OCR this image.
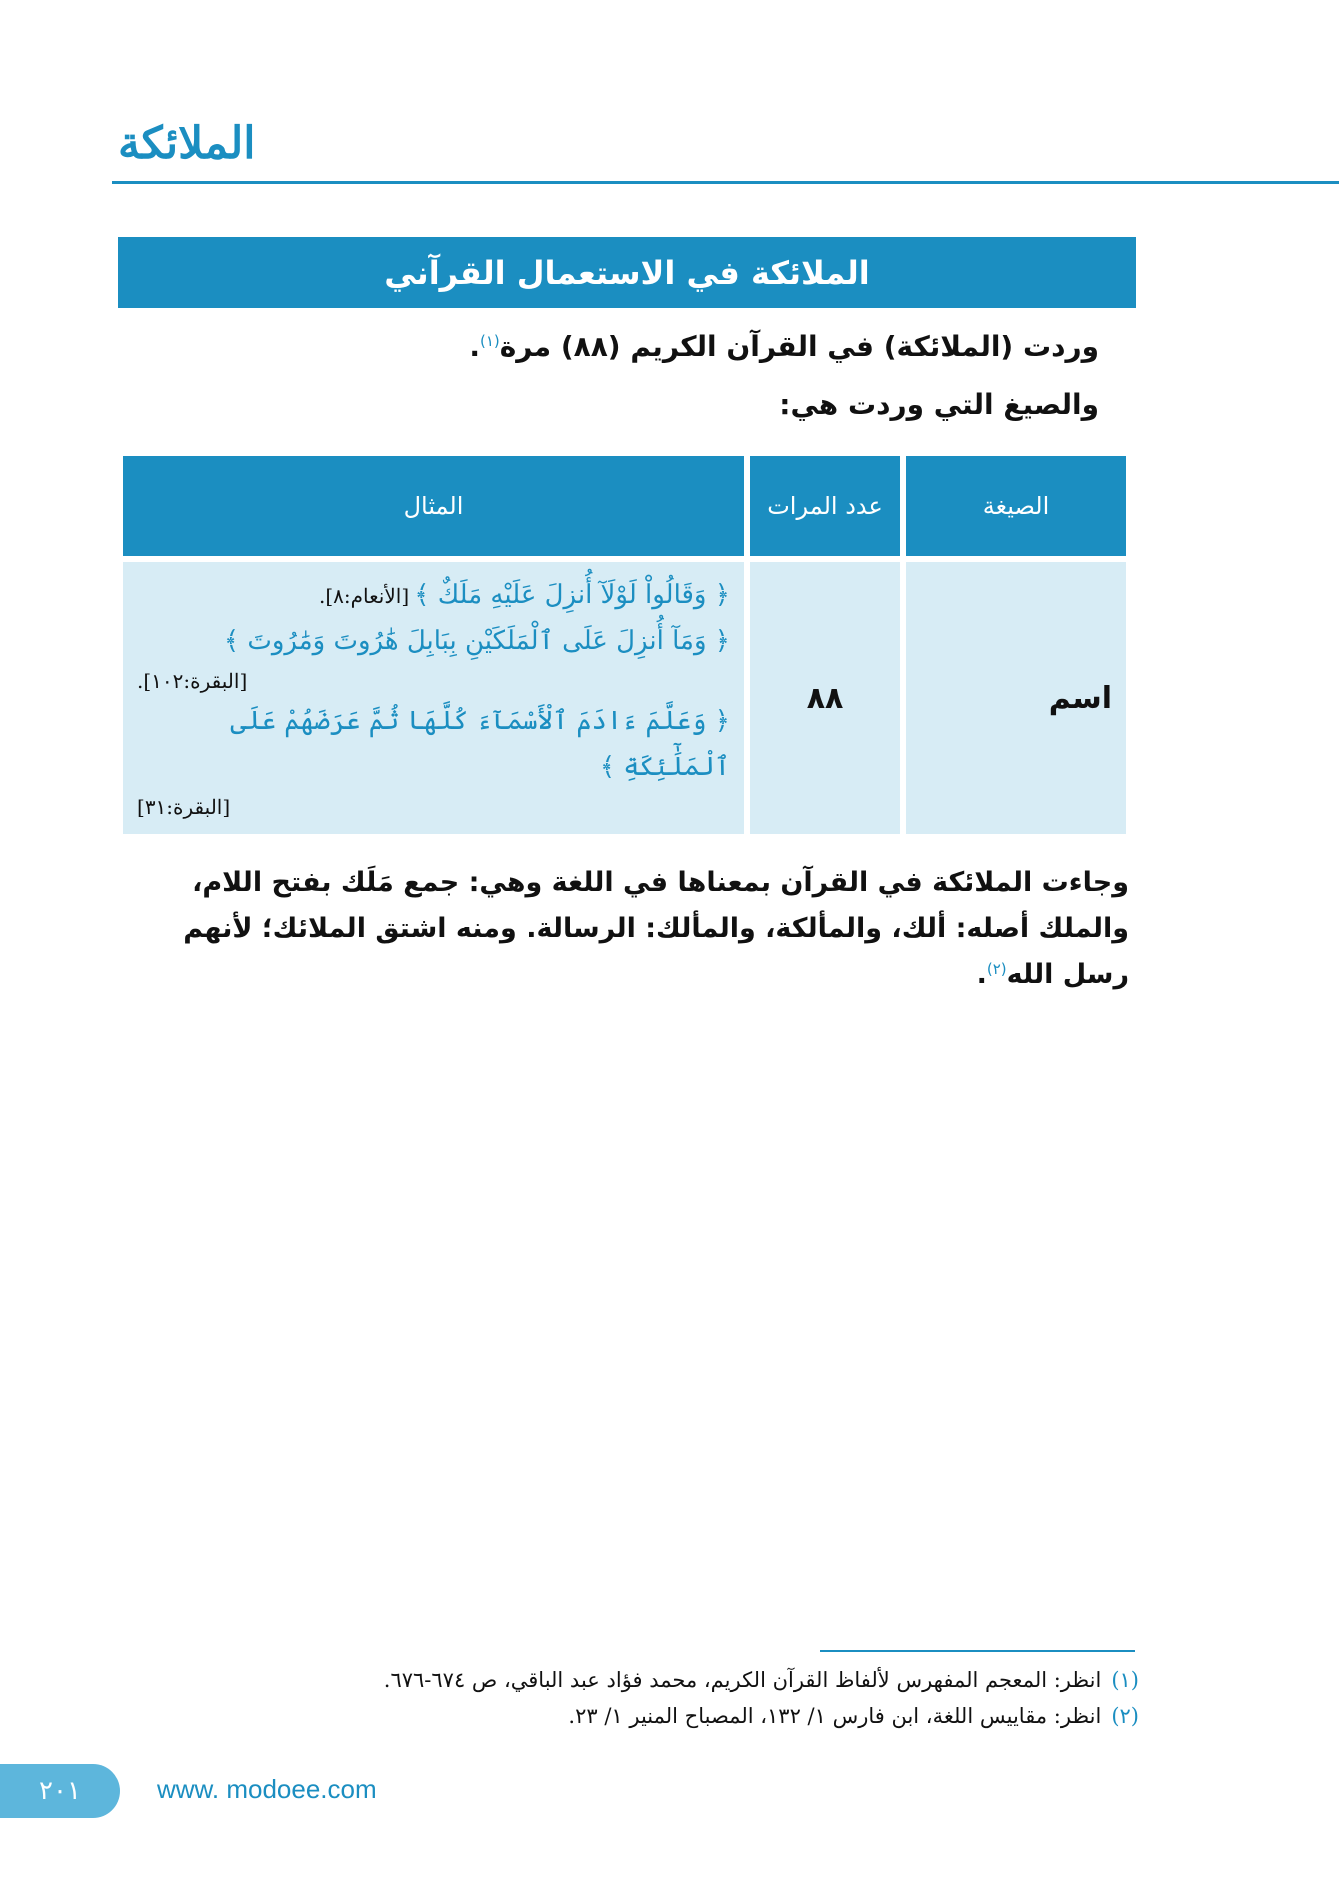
الملائكة
الملائكة في الاستعمال القرآني
وردت (الملائكة) في القرآن الكريم (٨٨) مرة$^{(١)}$.
والصيغ التي وردت هي:
الصيغة	عدد المرات	المثال
اسم	٨٨	﴿ وَقَالُواْ لَوْلَآ أُنزِلَ عَلَيْهِ مَلَكٌ ﴾ [الأنعام:٨].
﴿ وَمَآ أُنزِلَ عَلَى ٱلْمَلَكَيْنِ بِبَابِلَ هَٰرُوتَ وَمَٰرُوتَ ﴾
[البقرة:١٠٢].
﴿ وَعَلَّمَ ءَادَمَ ٱلْأَسْمَآءَ كُلَّهَا ثُمَّ عَرَضَهُمْ عَلَى ٱلْمَلَٰٓئِكَةِ ﴾
[البقرة:٣١]
وجاءت الملائكة في القرآن بمعناها في اللغة وهي: جمع مَلَك بفتح اللام، والملك أصله: ألك، والمألكة، والمألك: الرسالة. ومنه اشتق الملائك؛ لأنهم رسل الله$^{(٢)}$.
(١)انظر: المعجم المفهرس لألفاظ القرآن الكريم، محمد فؤاد عبد الباقي، ص ٦٧٤-٦٧٦.
(٢)انظر: مقاييس اللغة، ابن فارس ١/ ١٣٢، المصباح المنير ١/ ٢٣.
٢٠١	www. modoee.com
